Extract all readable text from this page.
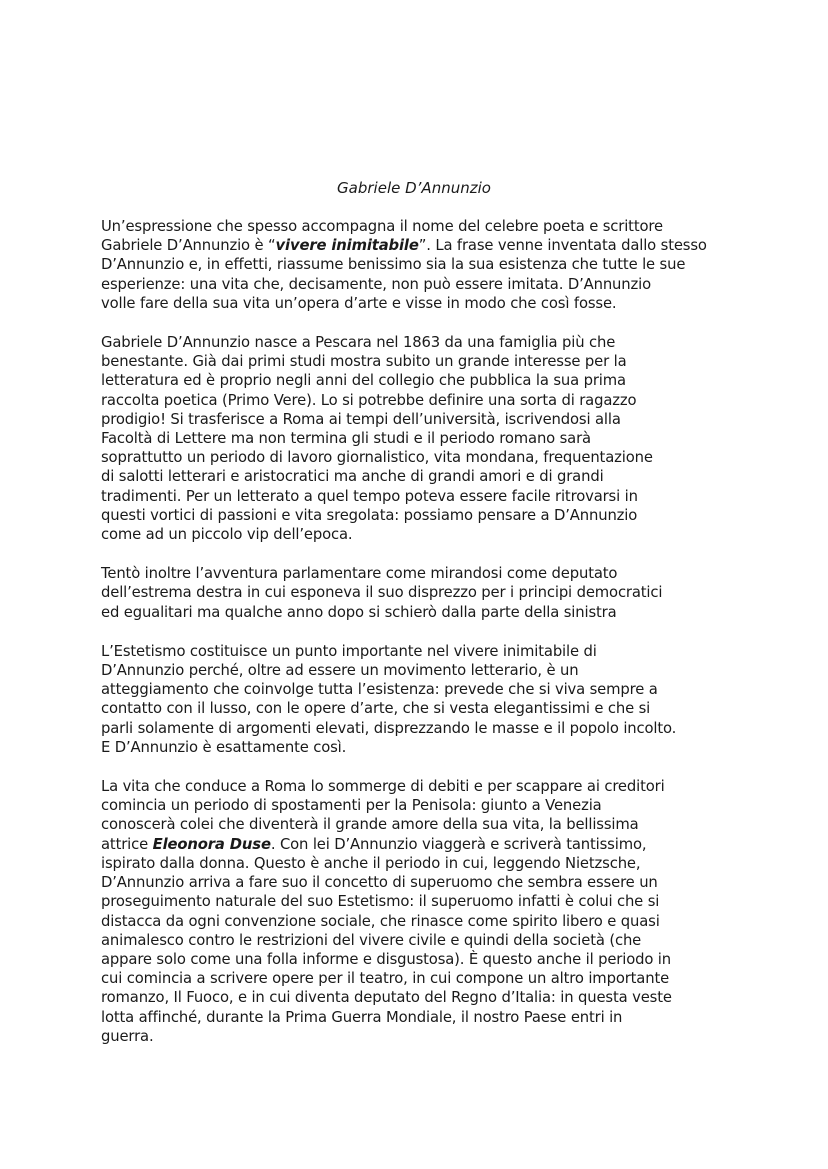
Gabriele D’Annunzio

Un’espressione che spesso accompagna il nome del celebre poeta e scrittore
Gabriele D’Annunzio è “vivere inimitabile”. La frase venne inventata dallo stesso
D’Annunzio e, in effetti, riassume benissimo sia la sua esistenza che tutte le sue
esperienze: una vita che, decisamente, non può essere imitata. D’Annunzio
volle fare della sua vita un’opera d’arte e visse in modo che così fosse.

Gabriele D’Annunzio nasce a Pescara nel 1863 da una famiglia più che
benestante. Già dai primi studi mostra subito un grande interesse per la
letteratura ed è proprio negli anni del collegio che pubblica la sua prima
raccolta poetica (Primo Vere). Lo si potrebbe definire una sorta di ragazzo
prodigio! Si trasferisce a Roma ai tempi dell’università, iscrivendosi alla
Facoltà di Lettere ma non termina gli studi e il periodo romano sarà
soprattutto un periodo di lavoro giornalistico, vita mondana, frequentazione
di salotti letterari e aristocratici ma anche di grandi amori e di grandi
tradimenti. Per un letterato a quel tempo poteva essere facile ritrovarsi in
questi vortici di passioni e vita sregolata: possiamo pensare a D’Annunzio
come ad un piccolo vip dell’epoca.

Tentò inoltre l’avventura parlamentare come mirandosi come deputato
dell’estrema destra in cui esponeva il suo disprezzo per i principi democratici
ed egualitari ma qualche anno dopo si schierò dalla parte della sinistra

L’Estetismo costituisce un punto importante nel vivere inimitabile di
D’Annunzio perché, oltre ad essere un movimento letterario, è un
atteggiamento che coinvolge tutta l’esistenza: prevede che si viva sempre a
contatto con il lusso, con le opere d’arte, che si vesta elegantissimi e che si
parli solamente di argomenti elevati, disprezzando le masse e il popolo incolto.
E D’Annunzio è esattamente così.

La vita che conduce a Roma lo sommerge di debiti e per scappare ai creditori
comincia un periodo di spostamenti per la Penisola: giunto a Venezia
conoscerà colei che diventerà il grande amore della sua vita, la bellissima
attrice Eleonora Duse. Con lei D’Annunzio viaggerà e scriverà tantissimo,
ispirato dalla donna. Questo è anche il periodo in cui, leggendo Nietzsche,
D’Annunzio arriva a fare suo il concetto di superuomo che sembra essere un
proseguimento naturale del suo Estetismo: il superuomo infatti è colui che si
distacca da ogni convenzione sociale, che rinasce come spirito libero e quasi
animalesco contro le restrizioni del vivere civile e quindi della società (che
appare solo come una folla informe e disgustosa). È questo anche il periodo in
cui comincia a scrivere opere per il teatro, in cui compone un altro importante
romanzo, Il Fuoco, e in cui diventa deputato del Regno d’Italia: in questa veste
lotta affinché, durante la Prima Guerra Mondiale, il nostro Paese entri in
guerra.
